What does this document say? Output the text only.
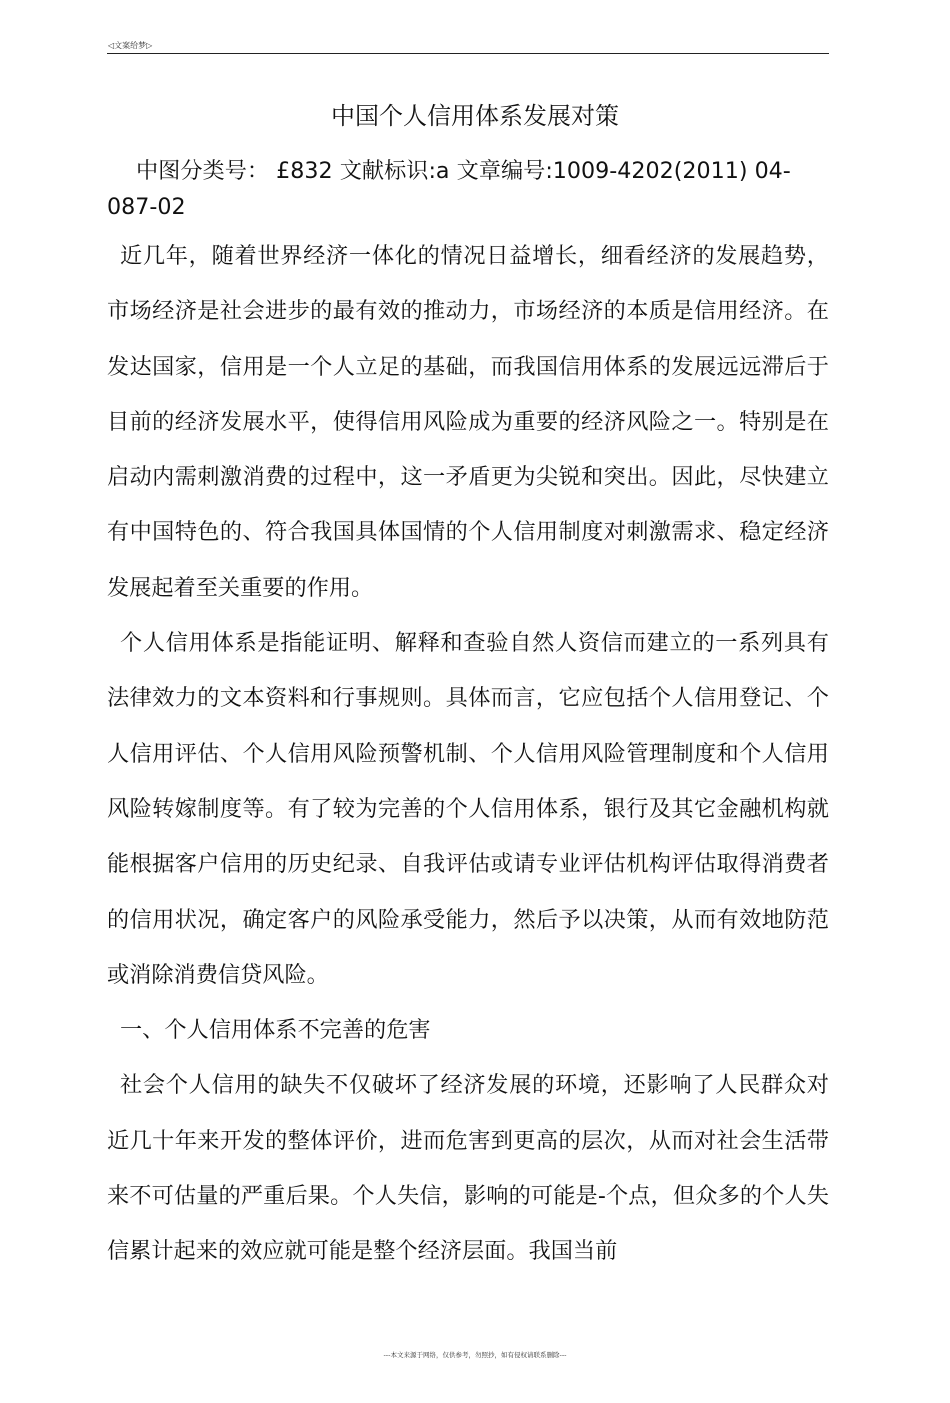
◁文案给梦▷
中国个人信用体系发展对策

中图分类号： £832 文献标识:a 文章编号:1009-4202(2011) 04-087-02

近几年，随着世界经济一体化的情况日益增长，细看经济的发展趋势，市场经济是社会进步的最有效的推动力，市场经济的本质是信用经济。在发达国家，信用是一个人立足的基础，而我国信用体系的发展远远滞后于目前的经济发展水平，使得信用风险成为重要的经济风险之一。特别是在启动内需刺激消费的过程中，这一矛盾更为尖锐和突出。因此，尽快建立有中国特色的、符合我国具体国情的个人信用制度对刺激需求、稳定经济发展起着至关重要的作用。

个人信用体系是指能证明、解释和查验自然人资信而建立的一系列具有法律效力的文本资料和行事规则。具体而言，它应包括个人信用登记、个人信用评估、个人信用风险预警机制、个人信用风险管理制度和个人信用风险转嫁制度等。有了较为完善的个人信用体系，银行及其它金融机构就能根据客户信用的历史纪录、自我评估或请专业评估机构评估取得消费者的信用状况，确定客户的风险承受能力，然后予以决策，从而有效地防范或消除消费信贷风险。

一、个人信用体系不完善的危害

社会个人信用的缺失不仅破坏了经济发展的环境，还影响了人民群众对近几十年来开发的整体评价，进而危害到更高的层次，从而对社会生活带来不可估量的严重后果。个人失信，影响的可能是-个点，但众多的个人失信累计起来的效应就可能是整个经济层面。我国当前

---本文来源于网络，仅供参考，勿照抄，如有侵权请联系删除---
